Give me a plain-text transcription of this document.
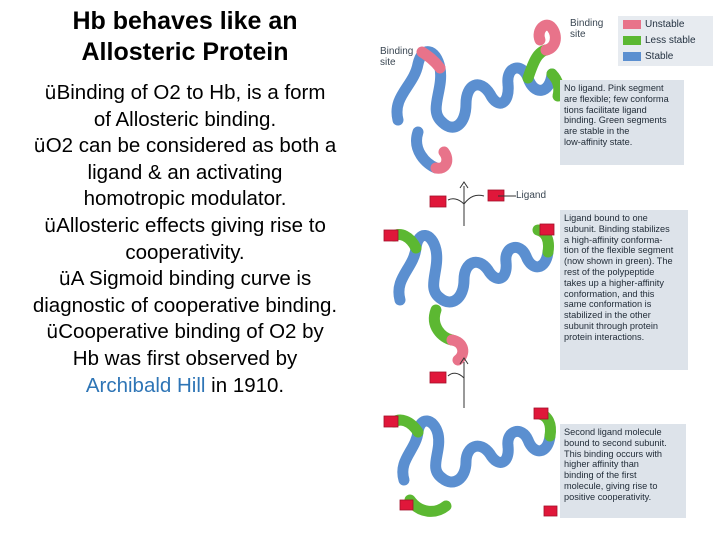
Hb behaves like an
Allosteric Protein
üBinding of O2 to Hb, is a form
of Allosteric binding.
üO2 can be considered as both a
ligand & an activating
homotropic modulator.
üAllosteric effects giving rise to
cooperativity.
üA Sigmoid binding curve is
diagnostic of cooperative binding.
üCooperative binding of O2 by
Hb was first observed by
Archibald Hill in 1910.
Binding
site
Binding
site
Ligand
Unstable
Less stable
Stable
No ligand. Pink segment
are flexible; few conforma
tions facilitate ligand
binding. Green segments
are stable in the
low-affinity state.
Ligand bound to one
subunit. Binding stabilizes
a high-affinity conforma-
tion of the flexible segment
(now shown in green). The
rest of the polypeptide
takes up a higher-affinity
conformation, and this
same conformation is
stabilized in the other
subunit through protein
protein interactions.
Second ligand molecule
bound to second subunit.
This binding occurs with
higher affinity than
binding of the first
molecule, giving rise to
positive cooperativity.
